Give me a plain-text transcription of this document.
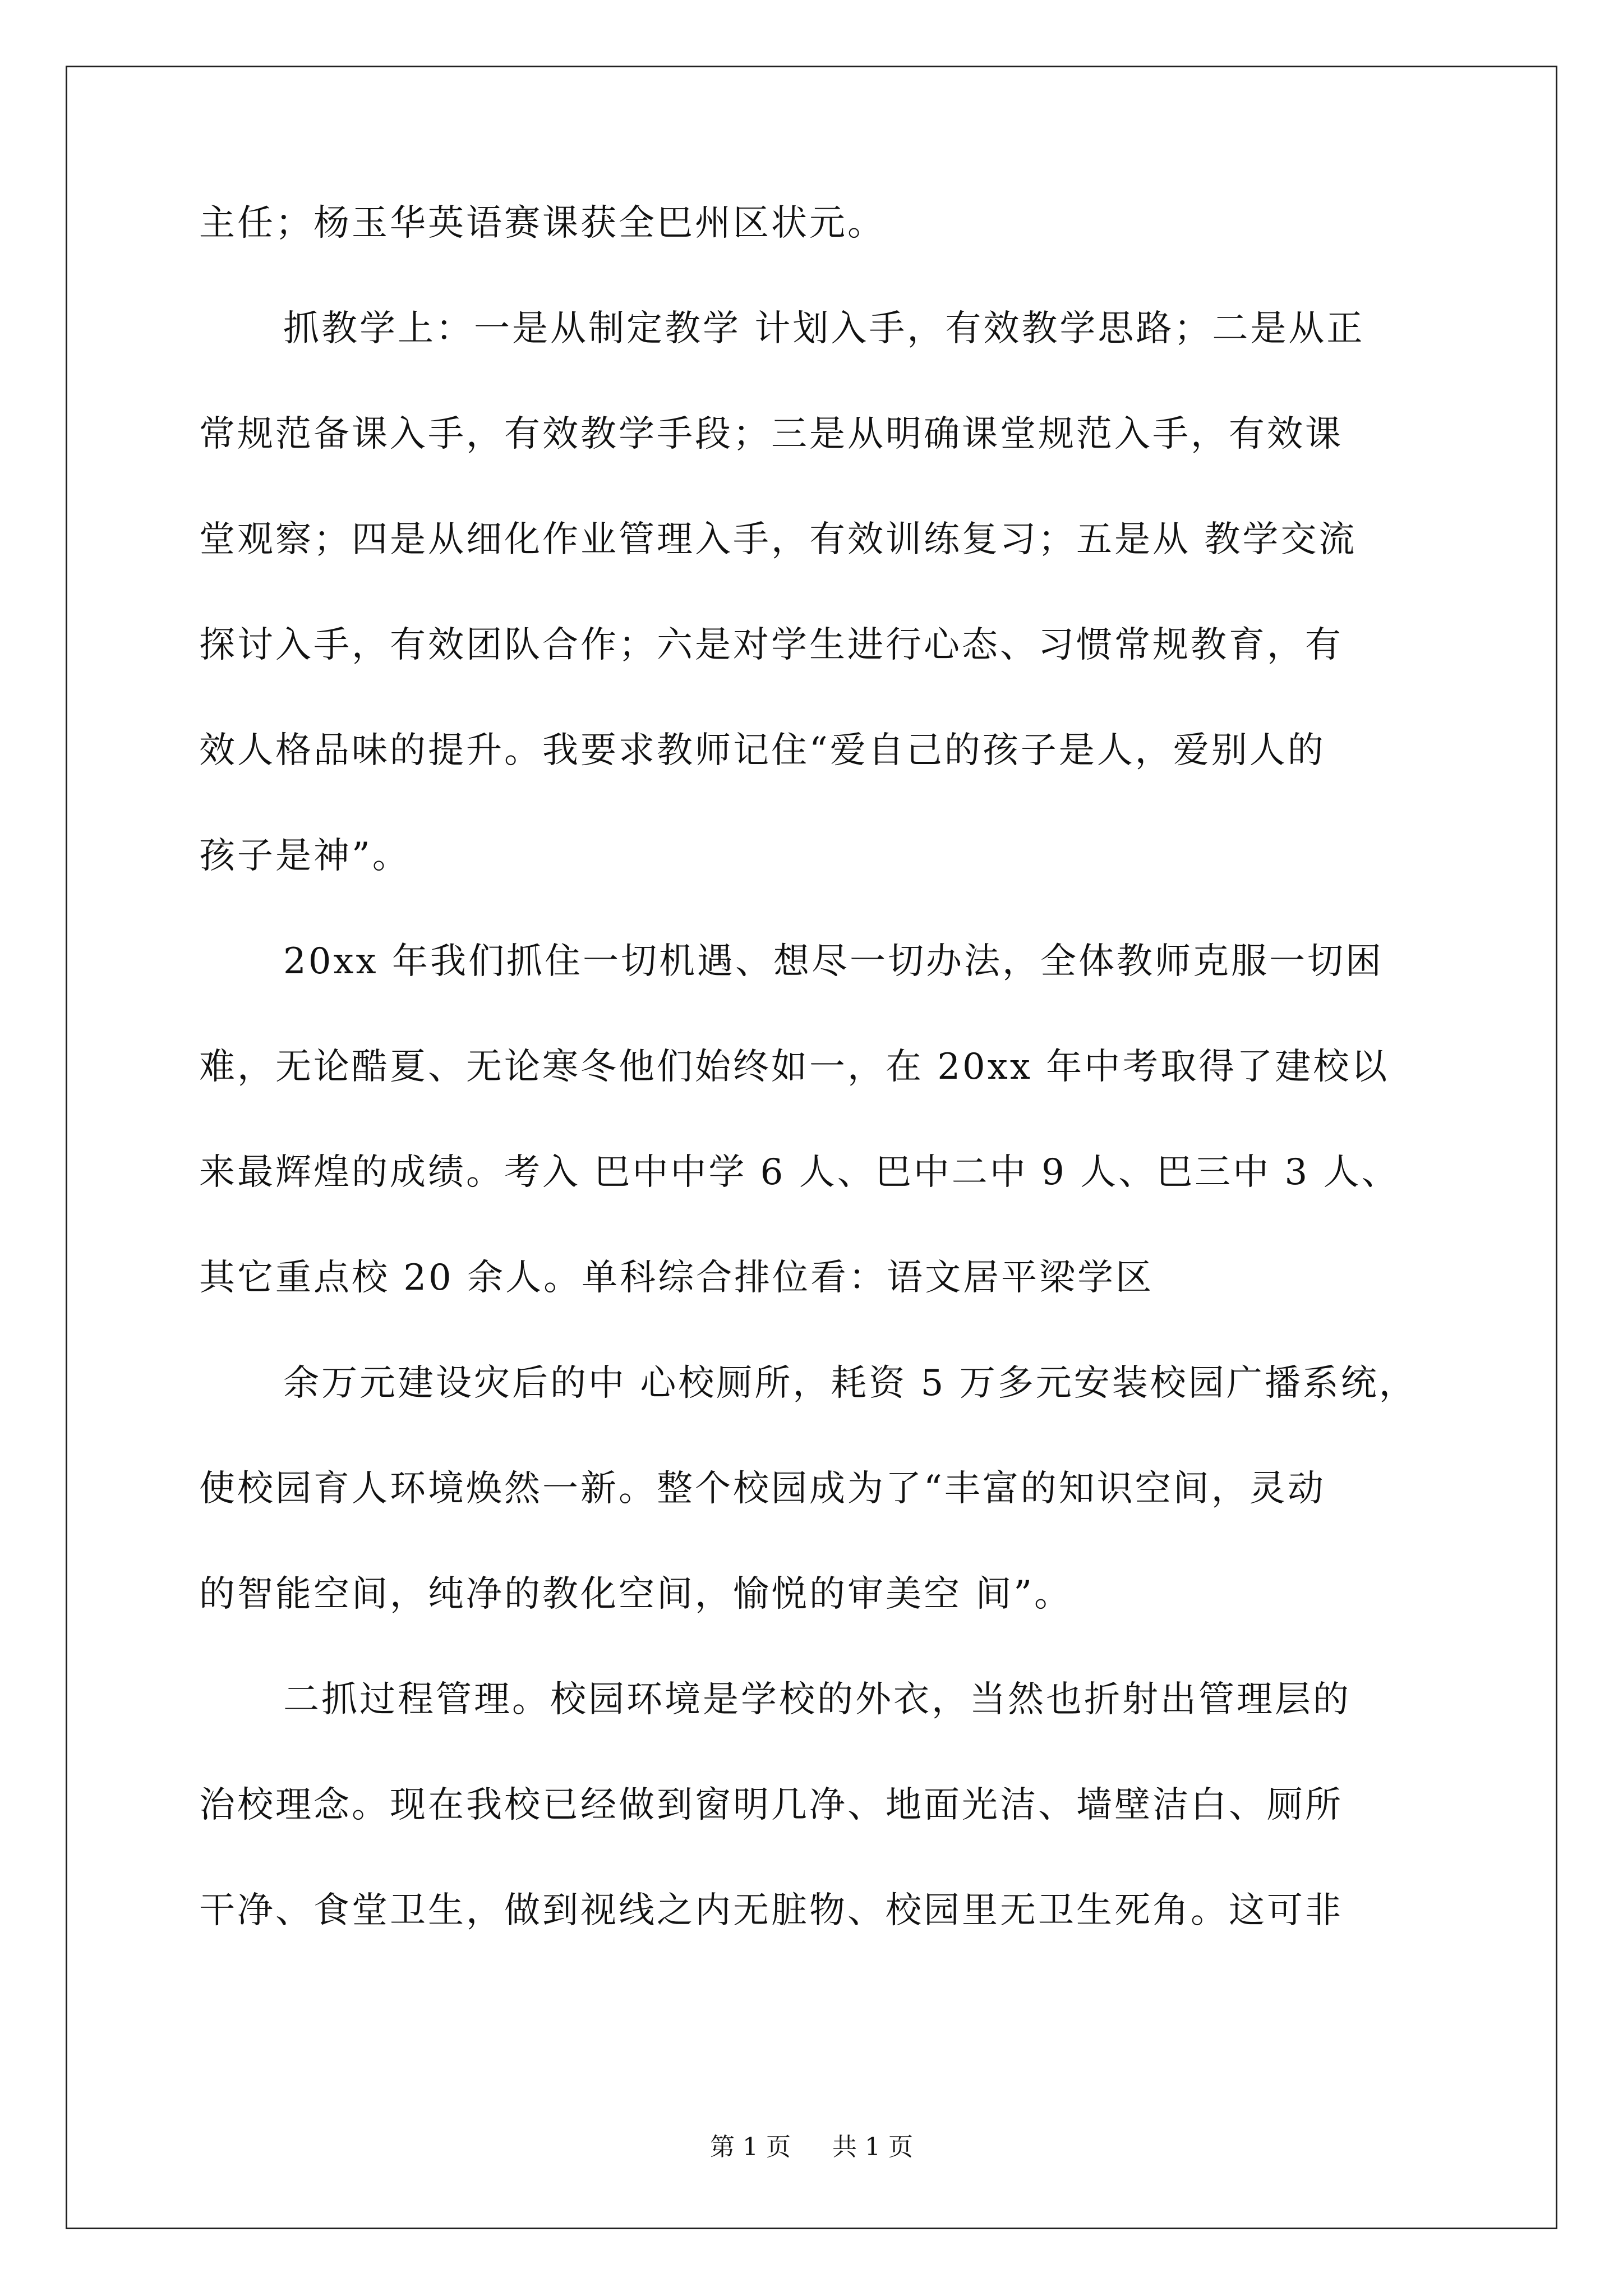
主任；杨玉华英语赛课获全巴州区状元。
抓教学上：一是从制定教学 计划入手，有效教学思路；二是从正
常规范备课入手，有效教学手段；三是从明确课堂规范入手，有效课
堂观察；四是从细化作业管理入手，有效训练复习；五是从 教学交流
探讨入手，有效团队合作；六是对学生进行心态、习惯常规教育，有
效人格品味的提升。我要求教师记住“爱自己的孩子是人，爱别人的
孩子是神”。
20xx 年我们抓住一切机遇、想尽一切办法，全体教师克服一切困
难，无论酷夏、无论寒冬他们始终如一，在 20xx 年中考取得了建校以
来最辉煌的成绩。考入 巴中中学 6 人、巴中二中 9 人、巴三中 3 人、
其它重点校 20 余人。单科综合排位看：语文居平梁学区
余万元建设灾后的中 心校厕所，耗资 5 万多元安装校园广播系统，
使校园育人环境焕然一新。整个校园成为了“丰富的知识空间，灵动
的智能空间，纯净的教化空间，愉悦的审美空 间”。
二抓过程管理。校园环境是学校的外衣，当然也折射出管理层的
治校理念。现在我校已经做到窗明几净、地面光洁、墙壁洁白、厕所
干净、食堂卫生，做到视线之内无脏物、校园里无卫生死角。这可非
第 1 页 共 1 页
